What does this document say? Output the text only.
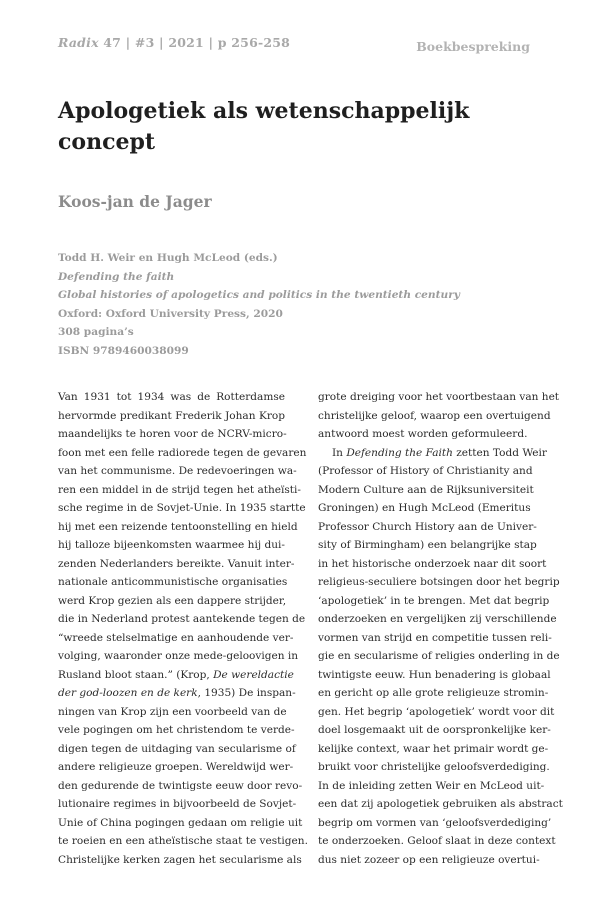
Radix 47 | #3 | 2021 | p 256-258	Boekbespreking
Apologetiek als wetenschappelijk
concept
Koos-jan de Jager
Todd H. Weir en Hugh McLeod (eds.)
Defending the faith
Global histories of apologetics and politics in the twentieth century
Oxford: Oxford University Press, 2020
308 pagina’s
ISBN 9789460038099
Van 1931 tot 1934 was de Rotterdamse
hervormde predikant Frederik Johan Krop
maandelijks te horen voor de NCRV-micro-
foon met een felle radiorede tegen de gevaren
van het communisme. De redevoeringen wa-
ren een middel in de strijd tegen het atheïsti-
sche regime in de Sovjet-Unie. In 1935 startte
hij met een reizende tentoonstelling en hield
hij talloze bijeenkomsten waarmee hij dui-
zenden Nederlanders bereikte. Vanuit inter-
nationale anticommunistische organisaties
werd Krop gezien als een dappere strijder,
die in Nederland protest aantekende tegen de
“wreede stelselmatige en aanhoudende ver-
volging, waaronder onze mede-geloovigen in
Rusland bloot staan.” (Krop, De wereldactie
der god-loozen en de kerk, 1935) De inspan-
ningen van Krop zijn een voorbeeld van de
vele pogingen om het christendom te verde-
digen tegen de uitdaging van secularisme of
andere religieuze groepen. Wereldwijd wer-
den gedurende de twintigste eeuw door revo-
lutionaire regimes in bijvoorbeeld de Sovjet-
Unie of China pogingen gedaan om religie uit
te roeien en een atheïstische staat te vestigen.
Christelijke kerken zagen het secularisme als
grote dreiging voor het voortbestaan van het
christelijke geloof, waarop een overtuigend
antwoord moest worden geformuleerd.
In Defending the Faith zetten Todd Weir
(Professor of History of Christianity and
Modern Culture aan de Rijksuniversiteit
Groningen) en Hugh McLeod (Emeritus
Professor Church History aan de Univer-
sity of Birmingham) een belangrijke stap
in het historische onderzoek naar dit soort
religieus-seculiere botsingen door het begrip
‘apologetiek’ in te brengen. Met dat begrip
onderzoeken en vergelijken zij verschillende
vormen van strijd en competitie tussen reli-
gie en secularisme of religies onderling in de
twintigste eeuw. Hun benadering is globaal
en gericht op alle grote religieuze stromin-
gen. Het begrip ‘apologetiek’ wordt voor dit
doel losgemaakt uit de oorspronkelijke ker-
kelijke context, waar het primair wordt ge-
bruikt voor christelijke geloofsverdediging.
In de inleiding zetten Weir en McLeod uit-
een dat zij apologetiek gebruiken als abstract
begrip om vormen van ‘geloofsverdediging’
te onderzoeken. Geloof slaat in deze context
dus niet zozeer op een religieuze overtui-
